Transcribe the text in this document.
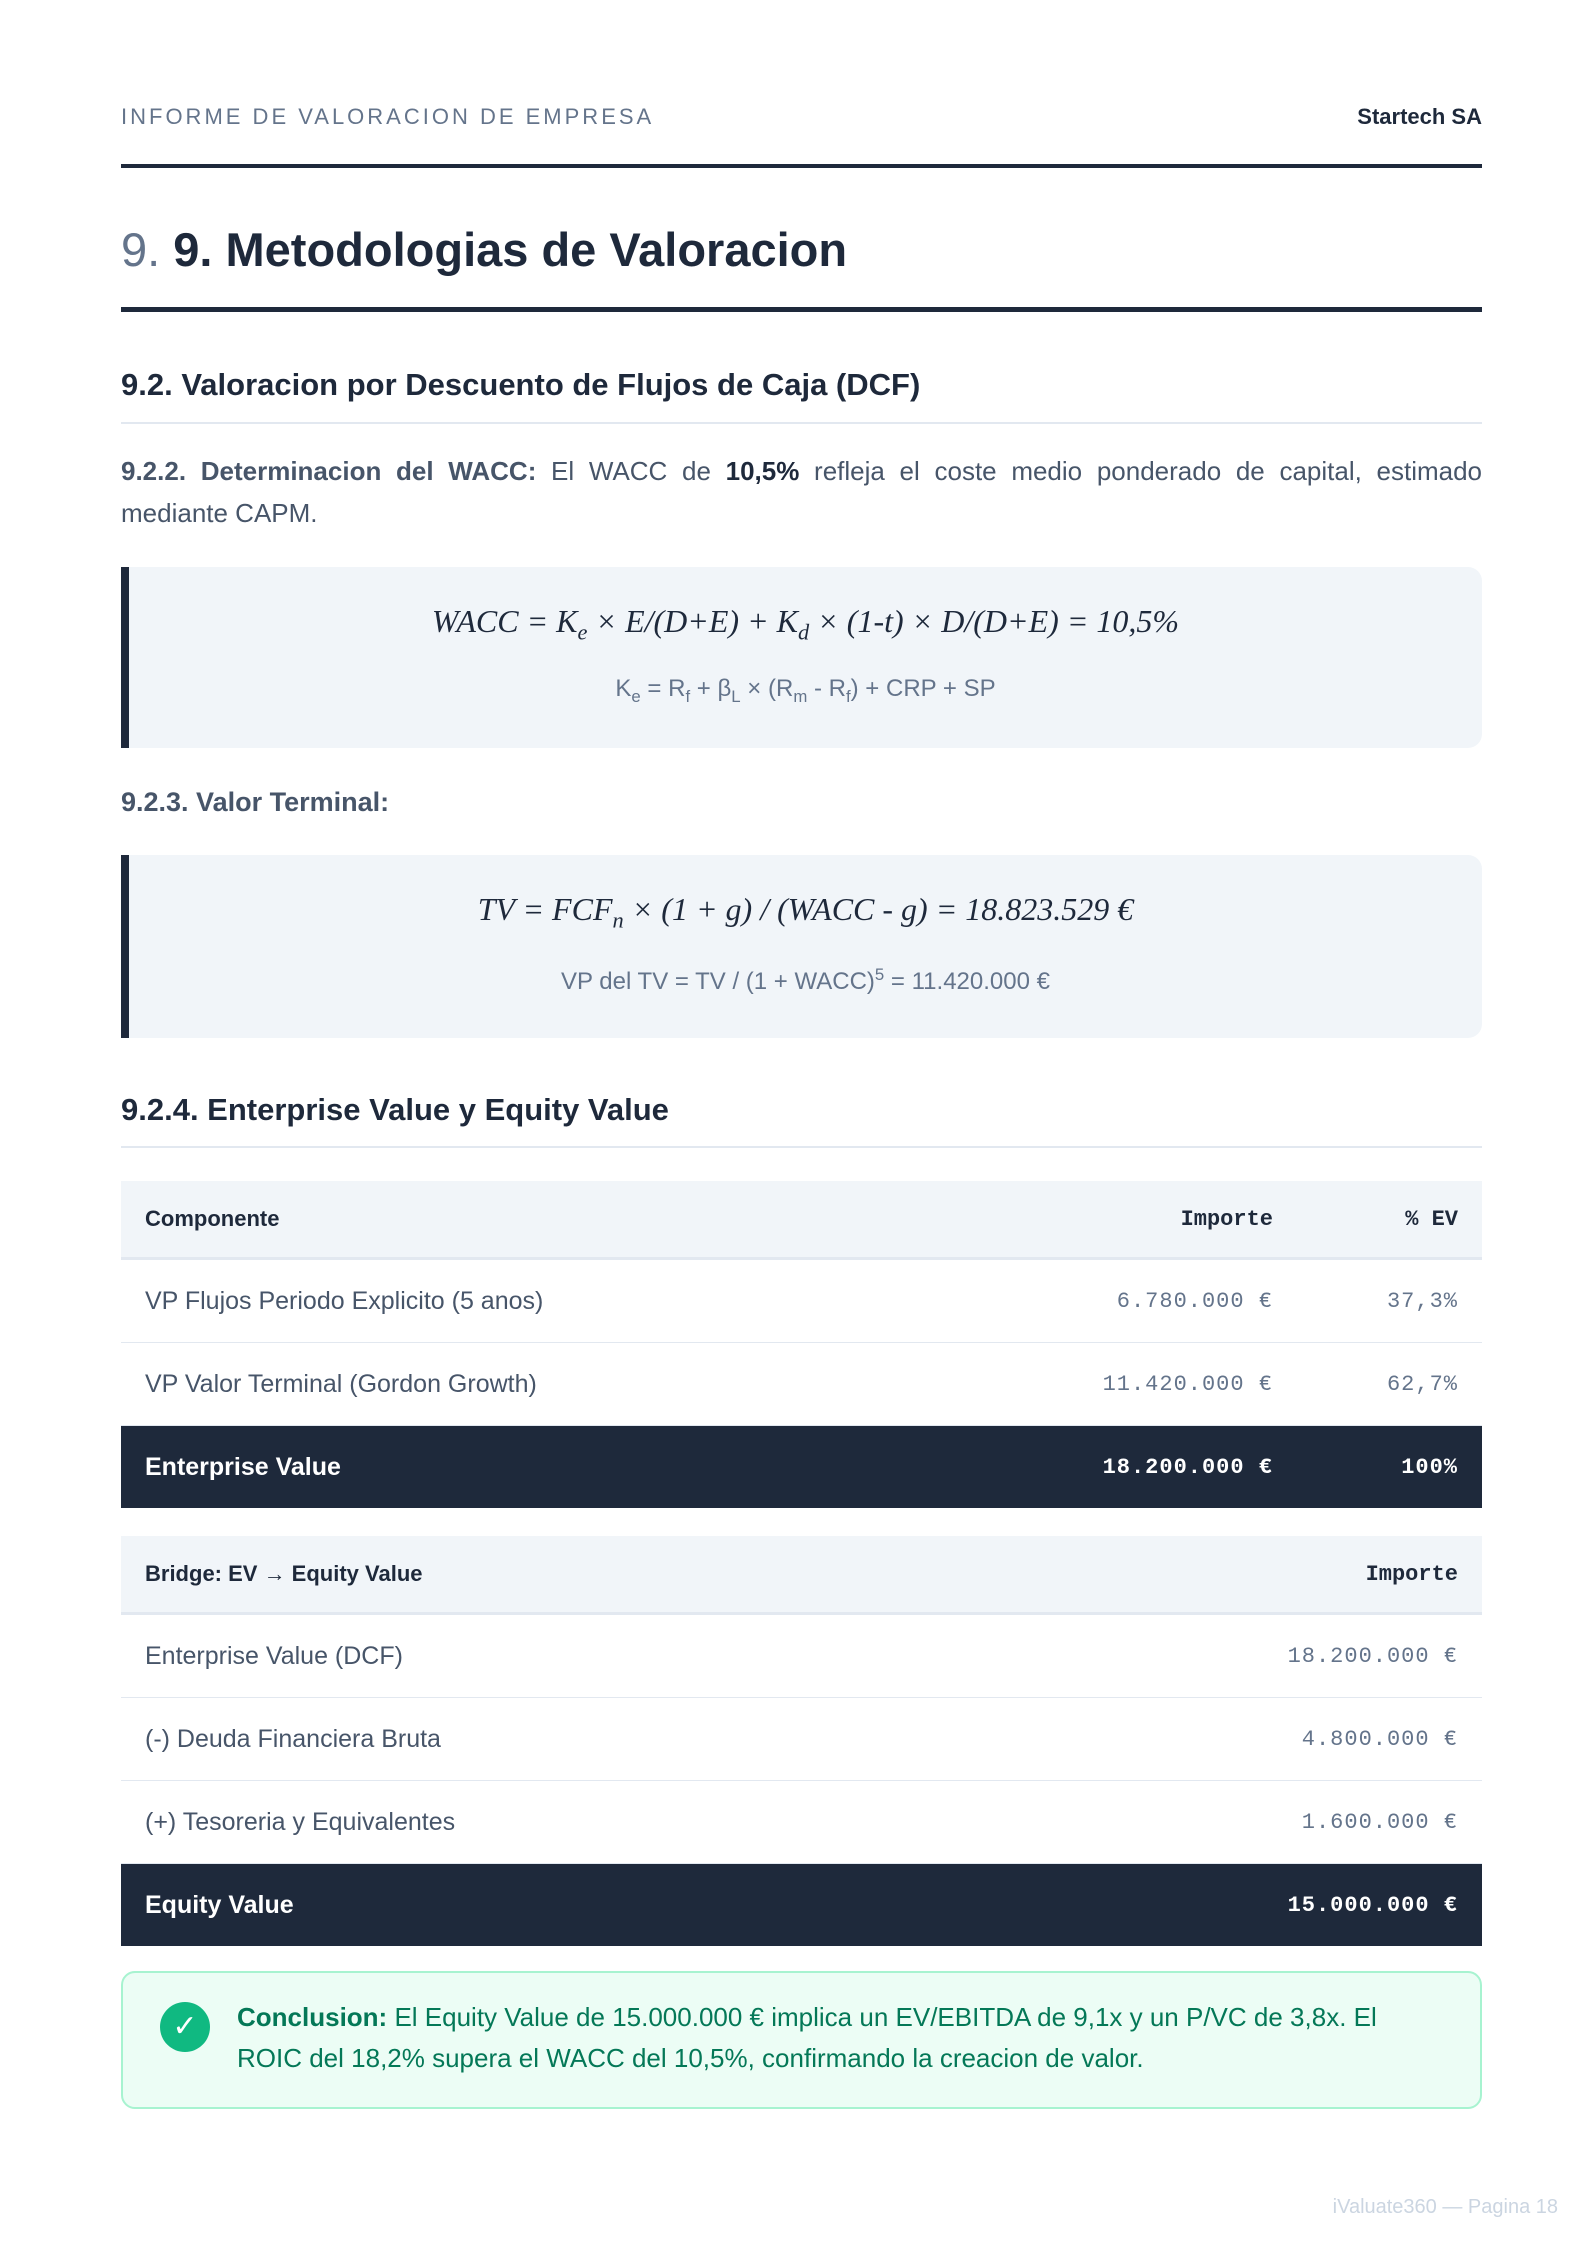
INFORME DE VALORACION DE EMPRESA	Startech SA
9. 9. Metodologias de Valoracion
9.2. Valoracion por Descuento de Flujos de Caja (DCF)
9.2.2. Determinacion del WACC: El WACC de 10,5% refleja el coste medio ponderado de capital, estimado mediante CAPM.
WACC = $K_e \times E/(D+E) + K_d \times (1-t) \times D/(D+E) = 10,5\%$
$K_e = R_f + \beta_L \times (R_m - R_f)$ + CRP + SP
9.2.3. Valor Terminal:
TV = $FCF_n \times (1 + g)$ / (WACC - g) = 18.823.529 €
VP del TV = TV / (1 + WACC)$^5$ = 11.420.000 €
9.2.4. Enterprise Value y Equity Value
Componente	Importe	% EV
VP Flujos Periodo Explicito (5 anos)	6.780.000 €	37,3%
VP Valor Terminal (Gordon Growth)	11.420.000 €	62,7%
Enterprise Value	18.200.000 €	100%
Bridge: EV → Equity Value	Importe
Enterprise Value (DCF)	18.200.000 €
(-) Deuda Financiera Bruta	4.800.000 €
(+) Tesoreria y Equivalentes	1.600.000 €
Equity Value	15.000.000 €
✓	Conclusion: El Equity Value de 15.000.000 € implica un EV/EBITDA de 9,1x y un P/VC de 3,8x. El ROIC del 18,2% supera el WACC del 10,5%, confirmando la creacion de valor.
iValuate360 — Pagina 18
